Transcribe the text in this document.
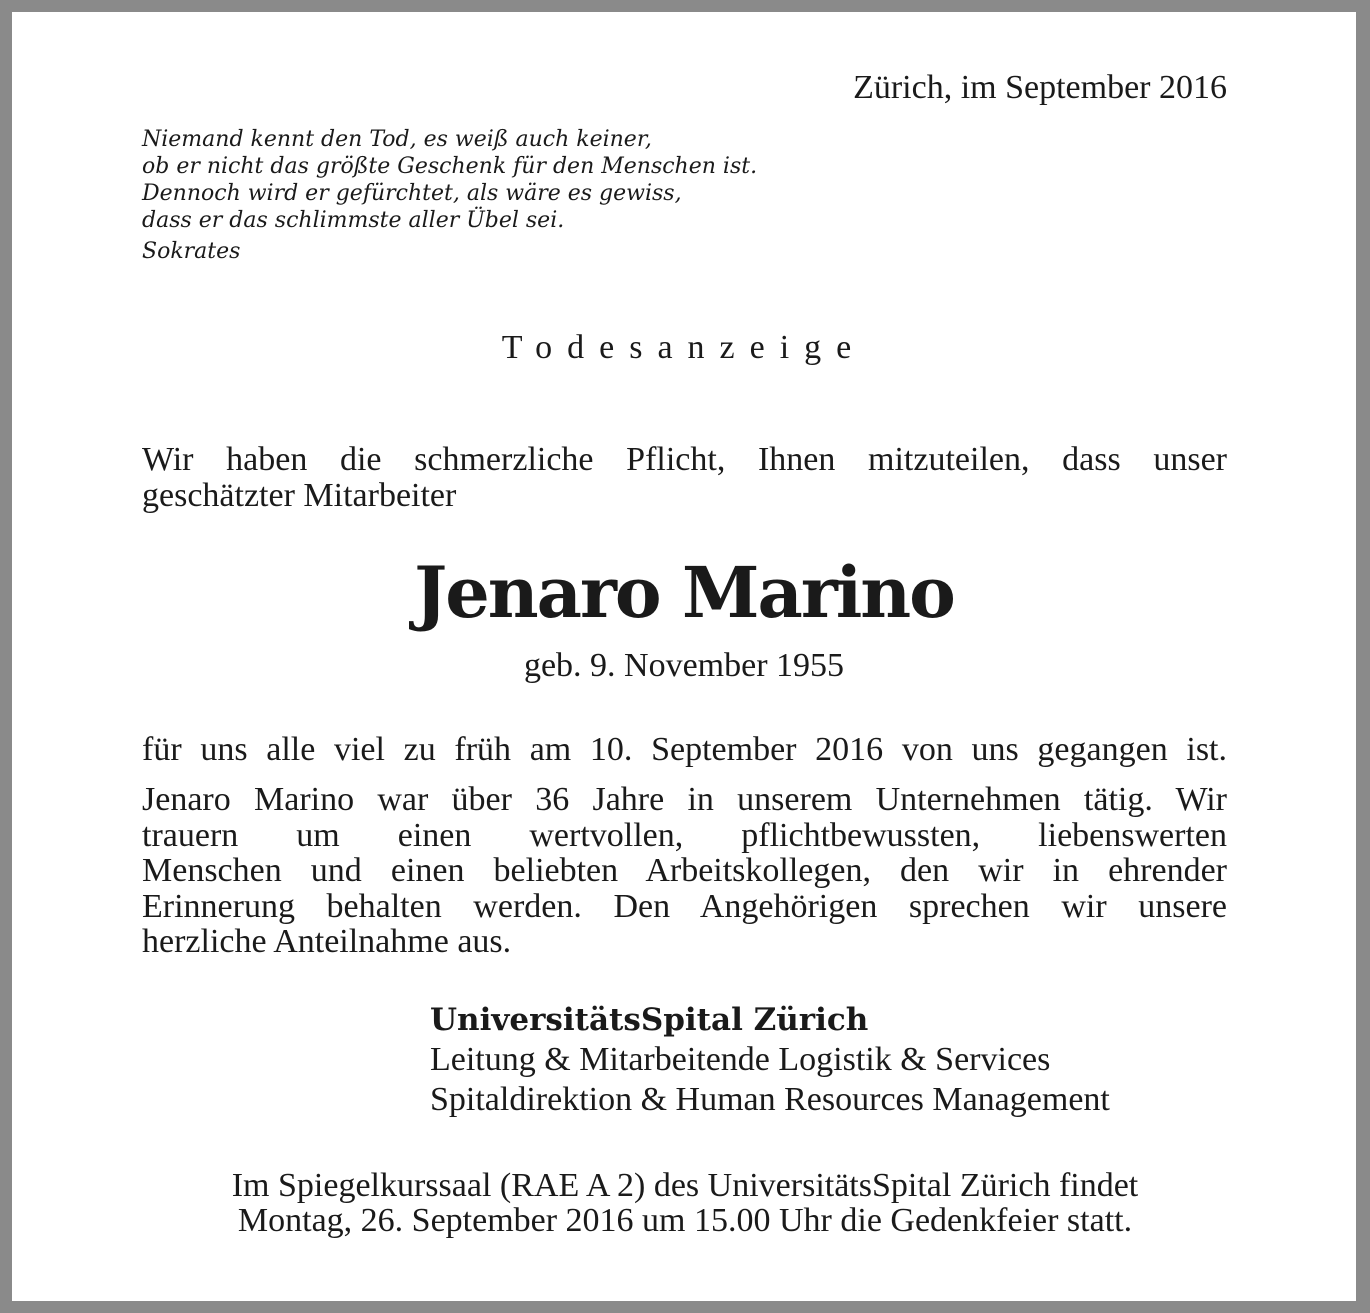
Zürich, im September 2016
Niemand kennt den Tod, es weiß auch keiner,
ob er nicht das größte Geschenk für den Menschen ist.
Dennoch wird er gefürchtet, als wäre es gewiss,
dass er das schlimmste aller Übel sei.
Sokrates
Todesanzeige
Wir haben die schmerzliche Pflicht, Ihnen mitzuteilen, dass unser
geschätzter Mitarbeiter
Jenaro Marino
geb. 9. November 1955
für uns alle viel zu früh am 10. September 2016 von uns gegangen ist.
Jenaro Marino war über 36 Jahre in unserem Unternehmen tätig. Wir
trauern um einen wertvollen, pflichtbewussten, liebenswerten
Menschen und einen beliebten Arbeitskollegen, den wir in ehrender
Erinnerung behalten werden. Den Angehörigen sprechen wir unsere
herzliche Anteilnahme aus.
UniversitätsSpital Zürich
Leitung & Mitarbeitende Logistik & Services
Spitaldirektion & Human Resources Management
Im Spiegelkurssaal (RAE A 2) des UniversitätsSpital Zürich findet
Montag, 26. September 2016 um 15.00 Uhr die Gedenkfeier statt.
